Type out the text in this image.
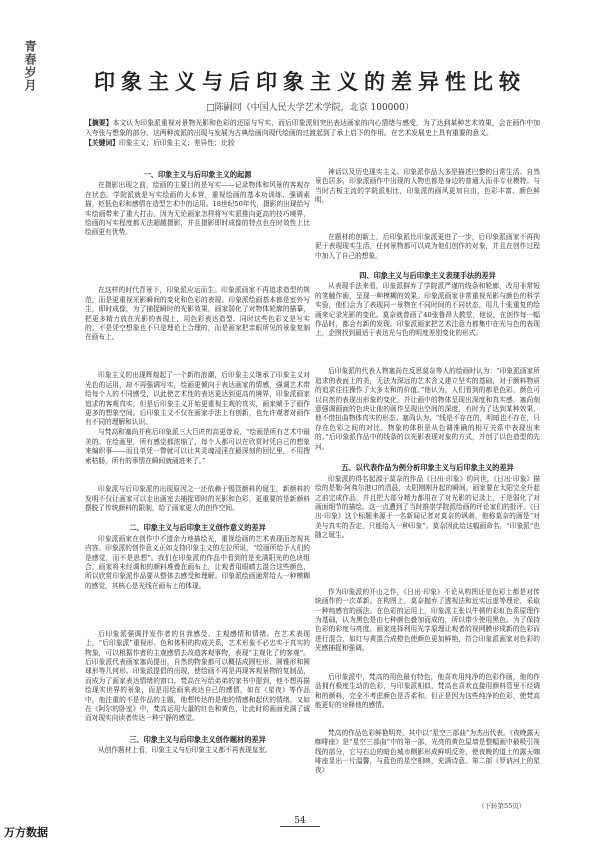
青春岁月	印象主义与后印象主义的差异性比较
□陈嗣同（中国人民大学艺术学院，北京 100000）
【摘要】本文认为印象派重视对景物光影和色彩的还原与写实，而后印象派则突出表达画家的内心情绪与感受，为了达到某种艺术效果，会在画作中加入夸张与想象的部分。这两种流派的出现与发展为古典绘画向现代绘画的过渡起到了承上启下的作用。在艺术发展史上具有重要的意义。
【关键词】印象主义；后印象主义；差异性；比较
一、印象主义与后印象主义的起源

在摄影出现之前，绘画的主要目的是写实——记录物体和风景的客观存在状态。学院派就是写实绘画的大本营，重视绘画的基本功训练、强调素描，贬低色彩和感情在造型艺术中的运用。18世纪50年代，摄影的出现给写实绘画带来了重大打击，因为无论画家怎样将写实派推向更高的技巧境界，绘画的写实程度都无法超越摄影，并且摄影即时成像的特点也在时效性上比绘画更有优势。

在这样的时代背景下，印象派应运而生。印象派画家不再追求造型的规范，而是更重视光影瞬间的变化和色彩的表现。印象派绘画基本都是室外写生，即时成像，为了捕捉瞬时的光影效果，画家弱化了对物体轮廓的描摹，把更多精力放在光影的表现上，用色彩表达造型。同时这些色彩又是写实的，不是凭空想象也不只是理论上合理的，而是画家把亲眼所见的景象复制在画布上。

印象主义的出现辉煌起了一个新的浪潮，后印象主义继承了印象主义对光色的运用，却不再强调写实，绘画更倾向于表达画家的情感，强调艺术带给每个人的不同感受，以此使艺术性的表达更达到更高的境界，印象派画家追求的客观真实，但是后印象主义开始更重视主观的真实，画家赋予了画作更多的想象空间。后印象主义不仅在画家手法上有创新，也允许观者对画作有不同的理解和认识。

与梵高和塞尚并称后印象派三大巨匠的高更曾说，“绘画是所有艺术中最美的。在绘画里，所有感觉都浓缩了，每个人都可以在欣赏时凭自己的想象来编织事——而且单凭一瞥就可以让其灵魂浸淫在最深刻的回忆里，不用搜索枯肠，所有的事情在瞬间就涌进来了。”

印象派与后印象派的出现原因之一还依赖于锡管颜料的诞生，新颜料的发明不仅让画家可以走出画室去捕捉即时的光影和色彩，更重要的是新颜料摆脱了传统颜料的限制，给了画家更大的创作空间。

二、印象主义与后印象主义创作意义的差异

印象派画家在创作中不遗余力地描绘光，重视绘画的艺术表现而忽视其内容。印象派的创作意义正如支持印象主义的左拉所说，“绘画所给予人们的是感觉，而不是思想”。我们在印象派的作品中看到的是充满阳光的色块组合，画家将未经调和的颜料堆叠在画布上，让观者用眼睛去混合这些颜色，所以欣赏印象派作品要从整体去感受和理解。印象派绘画通常给人一种模糊的感觉，其核心是光线在画布上的体现。

后印象派强调抒发作者的自我感受、主观感情和情绪。在艺术表现上，“后印象派”重视形、色和体积的构成关系，艺术形象不必忠实于真实的物象，可以根据作者的主观感情去改造客观事物，表现“主观化了的客观”。后印象派代表画家塞尚提出，自然的物象都可以概括成圆柱形、圆锥形和圆球形等几何形。印象派提倡的出现，使绘画不再是再现客观景物的复制品，而成为了画家表达情绪的窗口。梵高在写给弟弟的家书中提到，他不想再描绘现实世界的景象，而是用绘画来表达自己的感情，如在《星夜》等作品中，他注重的不是作品的主题，他想传达的是他的情感和起伏的情绪。又如在《阿尔的卧室》中，梵高运用大量的红色和黄色，让此时的画面充满了诚而对现实向读者传达一种宁静的感觉。

三、印象主义与后印象主义创作题材的差异

从创作题材上看，印象主义与后印象主义都不再表现皇室、

神话以及历史现实主义。印象派作品大多是描述巴黎的日常生活、自然景色居多，印象派画作中出现的人物也都是身边的普通人而非专业模特。与当时古板主流的学院派相比，印象派的画风更加自由，色彩丰富、颜色鲜明。

在题材的创新上，后印象派比印象派更进了一步，后印象派画家不再拘泥于表现现实生活，任何景物都可以成为他们创作的对象，并且在创作过程中加入了自己的想象。

四、印象主义与后印象主义表现手法的差异

从表现手法来看，印象派摒弃了学院派严谨的线条和轮廓，改用非常短的笔触作画，呈现一种模糊的效果。印象派画家非常重视光影与颜色的科学实验，他们会为了表现同一景物在不同时间的不同状态，用几十张重复的绘画来记录光影的变化。莫奈就曾画了40张鲁昂大教堂，他说，在创作每一幅作品时，都会有新的发现。印象派画家把艺术注意力都集中在光与色的表现上，企图找到最适于表达光与色的明度差别变化的形式。

后印象派的代表人物塞尚在反思莫奈等人的绘画时认为：“印象派画家所追求的表面上的美，无法为深远的艺术含义建立坚实的基础，对于颜料物质的追求往往操作了太多太和的价值。”他认为，人们看到的都是色彩，颜色可以自然的表现出形象的变化，并让画中的物体呈现出深度和真实感，塞尚刻意强调画面的色块让他的画作呈现出空间的深度，有时为了达到某种效果，他不惜扭曲物体真实的形态。塞尚认为，“线是不存在的，明暗也不存在，只存在色彩之间的对比。物象的体积是从色调准确的相互关系中表现出来的。”后印象派作品中的线条的以光影表现对象的方式，并创了以色造型的先河。

五、以代表作品为例分析印象主义与后印象主义的差异

印象派的得名起源于莫奈的作品《日出·印象》的问世，《日出·印象》描绘的是勒·阿弗尔港口的清晨，太阳刚刚升起的瞬间。画家要在太阳完全升起之前完成作品，并且把大部分精力都用在了对光影的记录上，于是弱化了对画面细节的描绘。这一点遭到了当时推崇学院派绘画的评论家们的批评。《日出·印象》这个标题来源于一名新闻记者对莫奈的讽刺，他称莫奈的画是“对美与真实的否定，只能给人一种印象”。莫奈因此给这幅画命名，“印象派”也随之诞生。

作为印象派的开山之作，《日出·印象》不论从构图还是色彩上都是对传统画作的一次革新。在构图上，莫奈抛弃了透视法和近实远虚等理论，采取一种纯感官的画法。在色彩的运用上，印象派主张以牛顿的彩虹色系原理作为基础，认为黑色是由七种颜色叠加而成的，所以带少使用黑色。为了保持色彩的彩度与亮度，画家选择利用光学原理让观者的视网膜形成新的色彩而进行混合，如红与黄混合成橙色使颜色更加鲜艳，符合印象派画家对色彩的光感捕捉和强调。

后印象派中，梵高的用色最有特色，他喜欢用纯净的色彩作画，他的作品拥有极度生动的色彩，与印象派相似，梵高也喜欢直接用颜料管里不经调和的颜料，完全不考虑颜色是否柔和。但正是因为这些纯净的色彩，使梵高能更好的诠释他的感情。

梵高的作品色彩鲜艳明亮，其中以“星空三部曲”为杰出代表。《夜晚露天咖啡座》是“星空三部曲”中的第一部，光亮的黄色屋墙是整幅画中最吸引视线的部分，它与右边的暗色城市侧影形成鲜明反差，使夜晚的道上的露天咖啡座显出一片温馨，与蓝色的星空相映，充满诗意。第二部《罗讷河上的星夜》

（下转第55页）
54
万方数据
